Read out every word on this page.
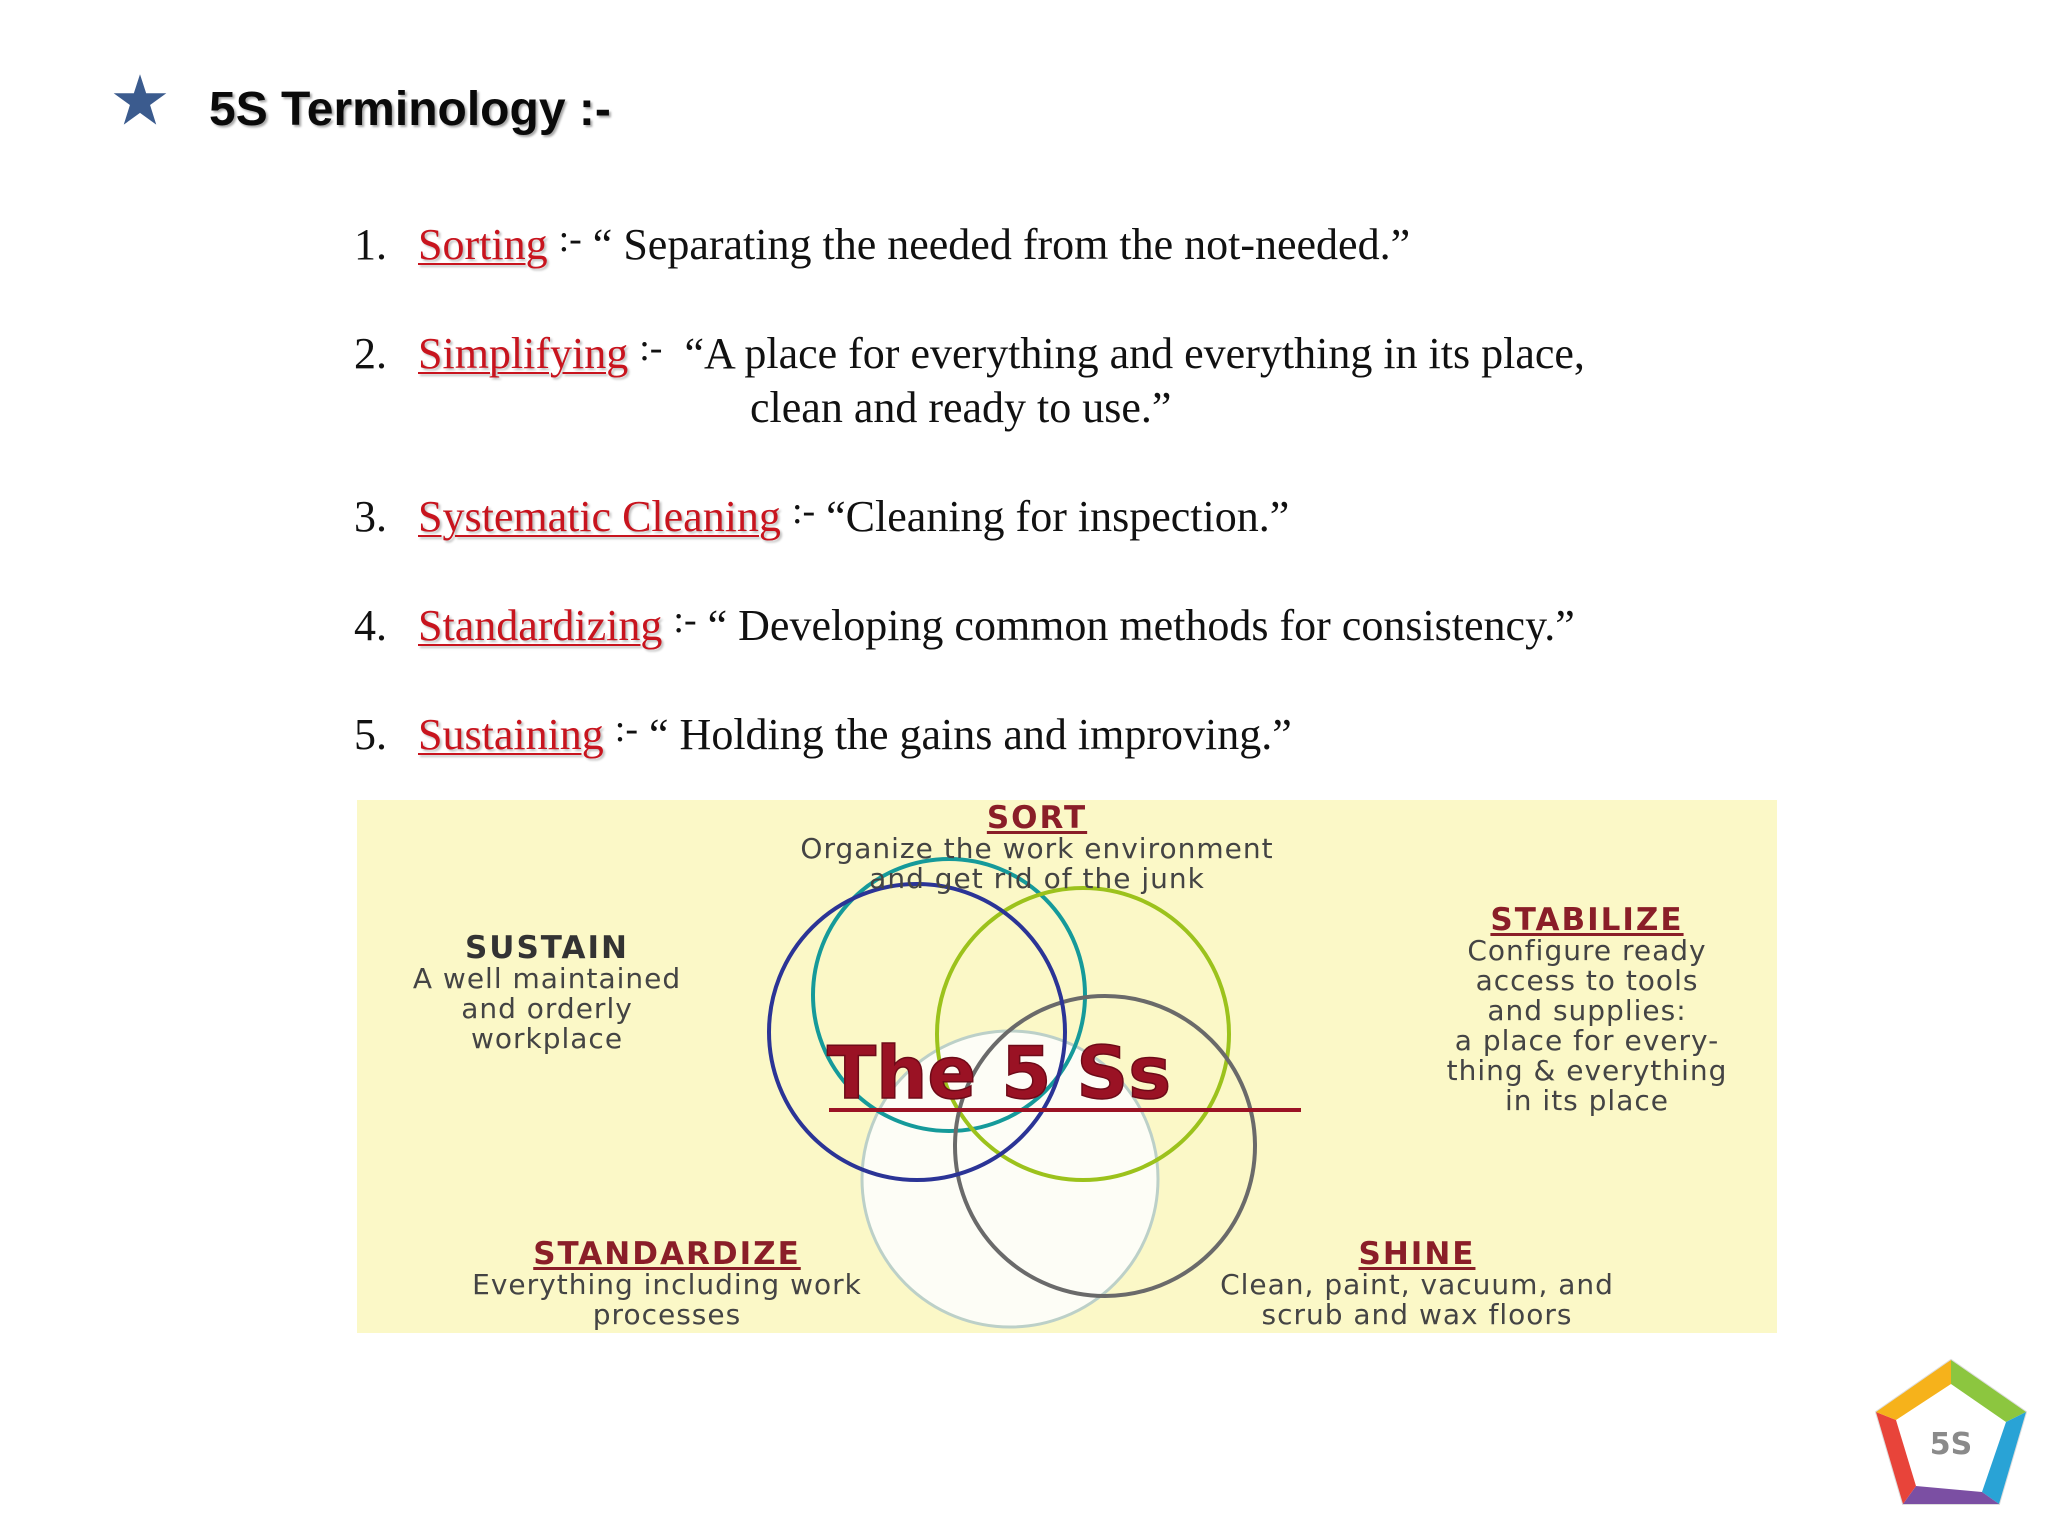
5S Terminology :-
1. Sorting :- “ Separating the needed from the not-needed.”
2. Simplifying :- “A place for everything and everything in its place,
clean and ready to use.”
3. Systematic Cleaning :- “Cleaning for inspection.”
4. Standardizing :- “ Developing common methods for consistency.”
5. Sustaining :- “ Holding the gains and improving.”
The 5 Ss
SORT
Organize the work environment
and get rid of the junk
STABILIZE
Configure ready
access to tools
and supplies:
a place for every-
thing & everything
in its place
SUSTAIN
A well maintained
and orderly
workplace
STANDARDIZE
Everything including work
processes
SHINE
Clean, paint, vacuum, and
scrub and wax floors
5S
